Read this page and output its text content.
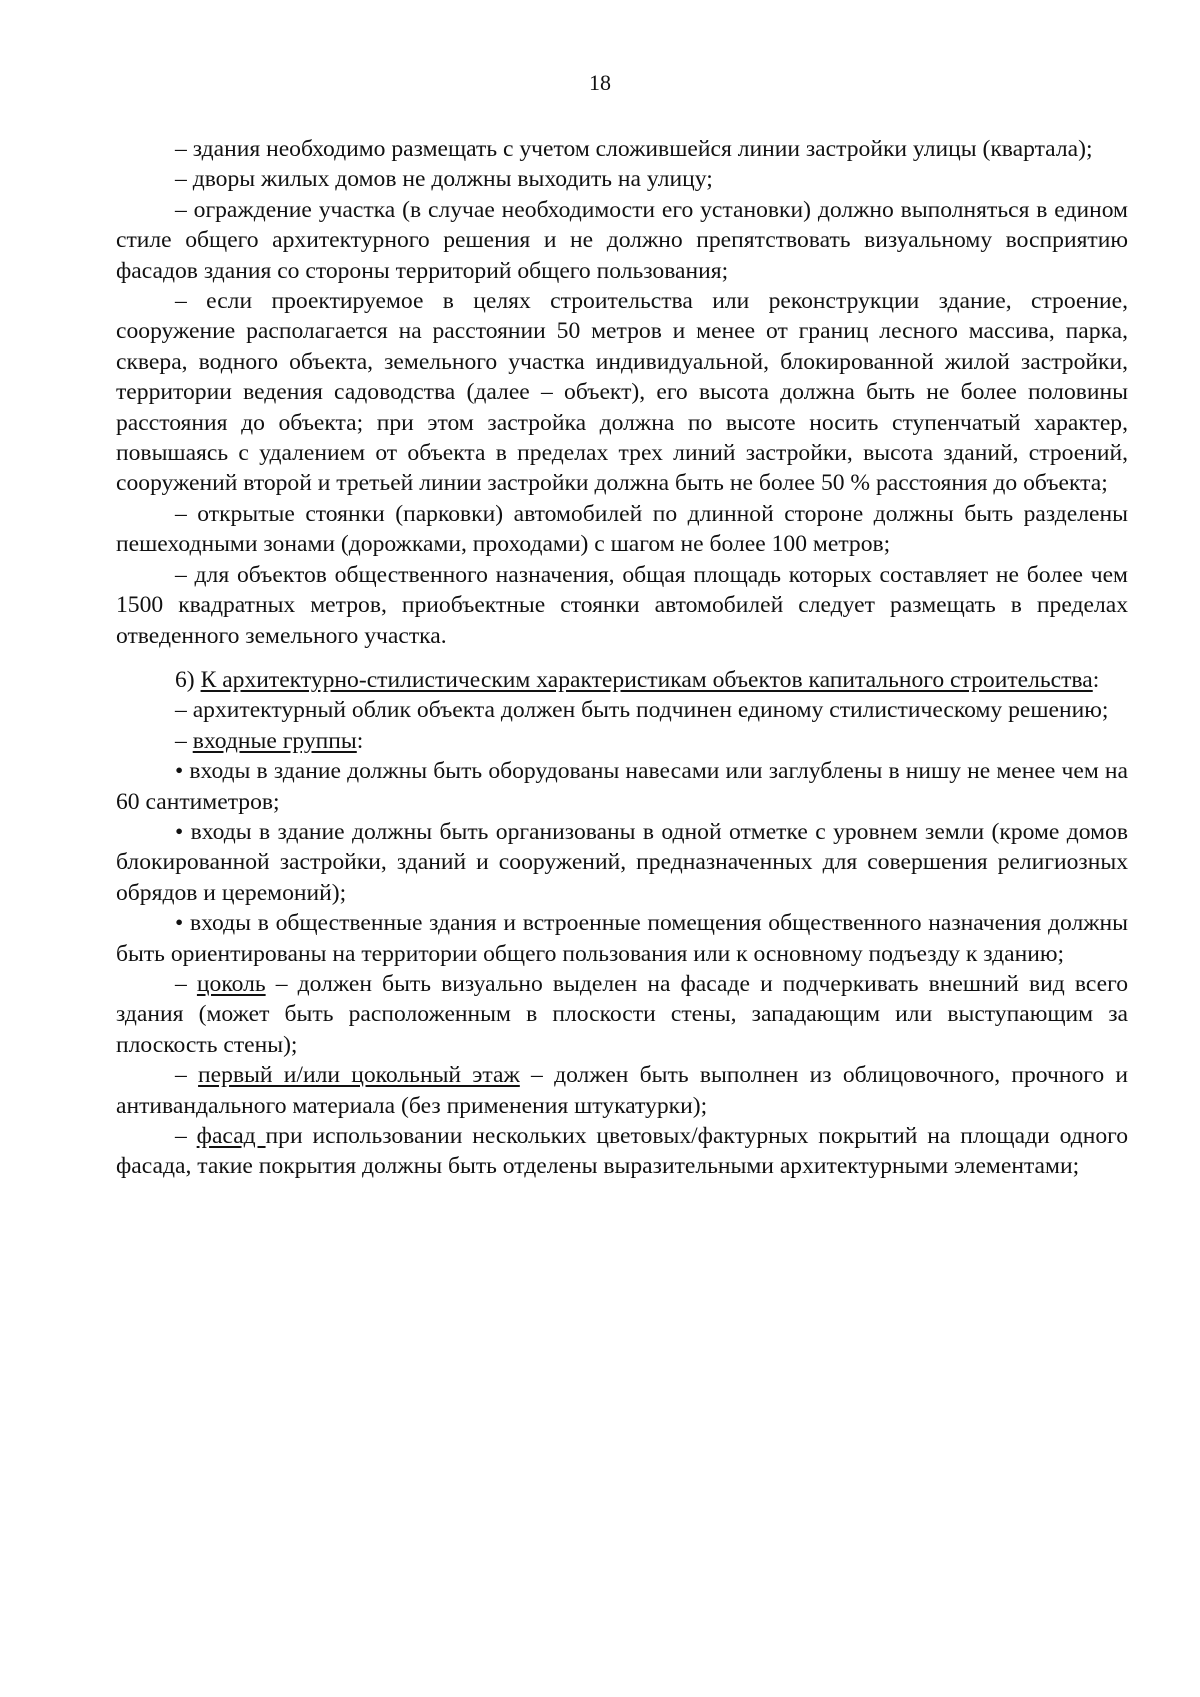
18

– здания необходимо размещать с учетом сложившейся линии застройки улицы (квартала);

– дворы жилых домов не должны выходить на улицу;

– ограждение участка (в случае необходимости его установки) должно выполняться в едином стиле общего архитектурного решения и не должно препятствовать визуальному восприятию фасадов здания со стороны территорий общего пользования;

– если проектируемое в целях строительства или реконструкции здание, строение, сооружение располагается на расстоянии 50 метров и менее от границ лесного массива, парка, сквера, водного объекта, земельного участка индивидуальной, блокированной жилой застройки, территории ведения садоводства (далее – объект), его высота должна быть не более половины расстояния до объекта; при этом застройка должна по высоте носить ступенчатый характер, повышаясь с удалением от объекта в пределах трех линий застройки, высота зданий, строений, сооружений второй и третьей линии застройки должна быть не более 50 % расстояния до объекта;

– открытые стоянки (парковки) автомобилей по длинной стороне должны быть разделены пешеходными зонами (дорожками, проходами) с шагом не более 100 метров;

– для объектов общественного назначения, общая площадь которых составляет не более чем 1500 квадратных метров, приобъектные стоянки автомобилей следует размещать в пределах отведенного земельного участка.

6) К архитектурно-стилистическим характеристикам объектов капитального строительства:

– архитектурный облик объекта должен быть подчинен единому стилистическому решению;

– входные группы:

• входы в здание должны быть оборудованы навесами или заглублены в нишу не менее чем на 60 сантиметров;

• входы в здание должны быть организованы в одной отметке с уровнем земли (кроме домов блокированной застройки, зданий и сооружений, предназначенных для совершения религиозных обрядов и церемоний);

• входы в общественные здания и встроенные помещения общественного назначения должны быть ориентированы на территории общего пользования или к основному подъезду к зданию;

– цоколь – должен быть визуально выделен на фасаде и подчеркивать внешний вид всего здания (может быть расположенным в плоскости стены, западающим или выступающим за плоскость стены);

– первый и/или цокольный этаж – должен быть выполнен из облицовочного, прочного и антивандального материала (без применения штукатурки);

– фасад при использовании нескольких цветовых/фактурных покрытий на площади одного фасада, такие покрытия должны быть отделены выразительными архитектурными элементами;
